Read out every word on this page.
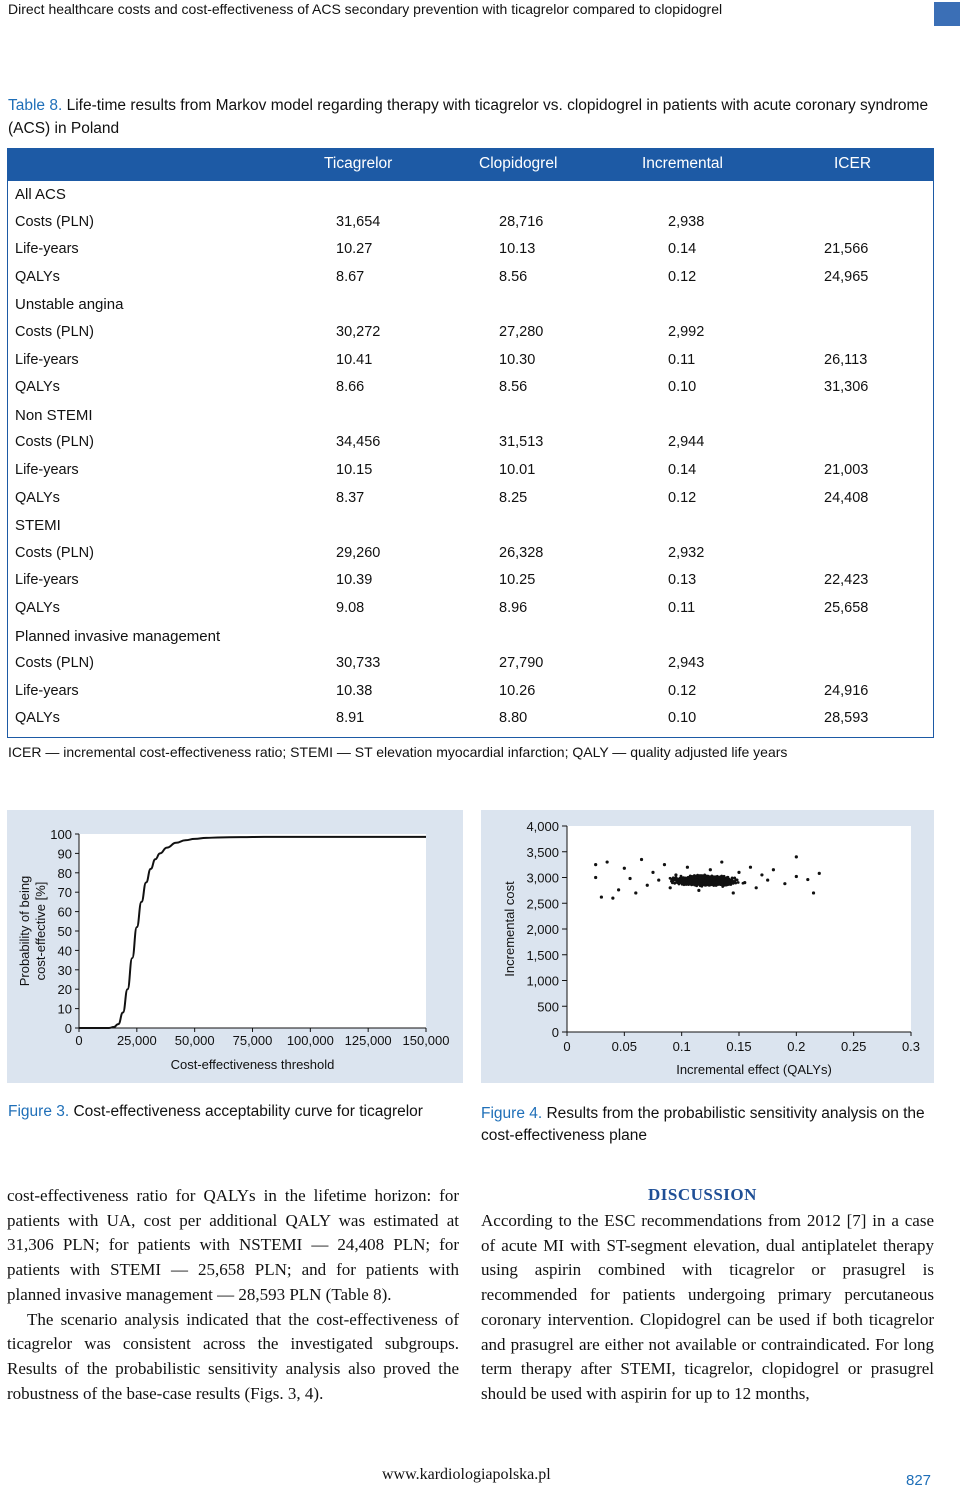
Direct healthcare costs and cost-effectiveness of ACS secondary prevention with ticagrelor compared to clopidogrel
Table 8. Life-time results from Markov model regarding therapy with ticagrelor vs. clopidogrel in patients with acute coronary syndrome (ACS) in Poland
Ticagrelor	Clopidogrel	Incremental	ICER
All ACS
Costs (PLN)	31,654	28,716	2,938
Life-years	10.27	10.13	0.14	21,566
QALYs	8.67	8.56	0.12	24,965
Unstable angina
Costs (PLN)	30,272	27,280	2,992
Life-years	10.41	10.30	0.11	26,113
QALYs	8.66	8.56	0.10	31,306
Non STEMI
Costs (PLN)	34,456	31,513	2,944
Life-years	10.15	10.01	0.14	21,003
QALYs	8.37	8.25	0.12	24,408
STEMI
Costs (PLN)	29,260	26,328	2,932
Life-years	10.39	10.25	0.13	22,423
QALYs	9.08	8.96	0.11	25,658
Planned invasive management
Costs (PLN)	30,733	27,790	2,943
Life-years	10.38	10.26	0.12	24,916
QALYs	8.91	8.80	0.10	28,593
ICER — incremental cost-effectiveness ratio; STEMI — ST elevation myocardial infarction; QALY — quality adjusted life years
0
10
20
30
40
50
60
70
80
90
100
0	25,000 50,000 75,000 100,000 125,000 150,000
Cost-effectiveness threshold
Probability of beingcost-effective [%]
0
500
1,000
1,500
2,000
2,500
3,000
3,500
4,000
0	0.05	0.1	0.15	0.2	0.25	0.3
Incremental effect (QALYs)
Incremental cost
Figure 3. Cost-effectiveness acceptability curve for ticagrelor	Figure 4. Results from the probabilistic sensitivity analysis on the cost-effectiveness plane

cost-effectiveness ratio for QALYs in the lifetime horizon: for patients with UA, cost per additional QALY was estimated at 31,306 PLN; for patients with NSTEMI — 24,408 PLN; for patients with STEMI — 25,658 PLN; and for patients with planned invasive management — 28,593 PLN (Table 8).

The scenario analysis indicated that the cost-effectiveness of ticagrelor was consistent across the investigated subgroups. Results of the probabilistic sensitivity analysis also proved the robustness of the base-case results (Figs. 3, 4).

DISCUSSION

According to the ESC recommendations from 2012 [7] in a case of acute MI with ST-segment elevation, dual antiplatelet therapy using aspirin combined with ticagrelor or prasugrel is recommended for patients undergoing primary percutaneous coronary intervention. Clopidogrel can be used if both ticagrelor and prasugrel are either not available or contraindicated. For long term therapy after STEMI, ticagrelor, clopidogrel or prasugrel should be used with aspirin for up to 12 months,

www.kardiologiapolska.pl	827
